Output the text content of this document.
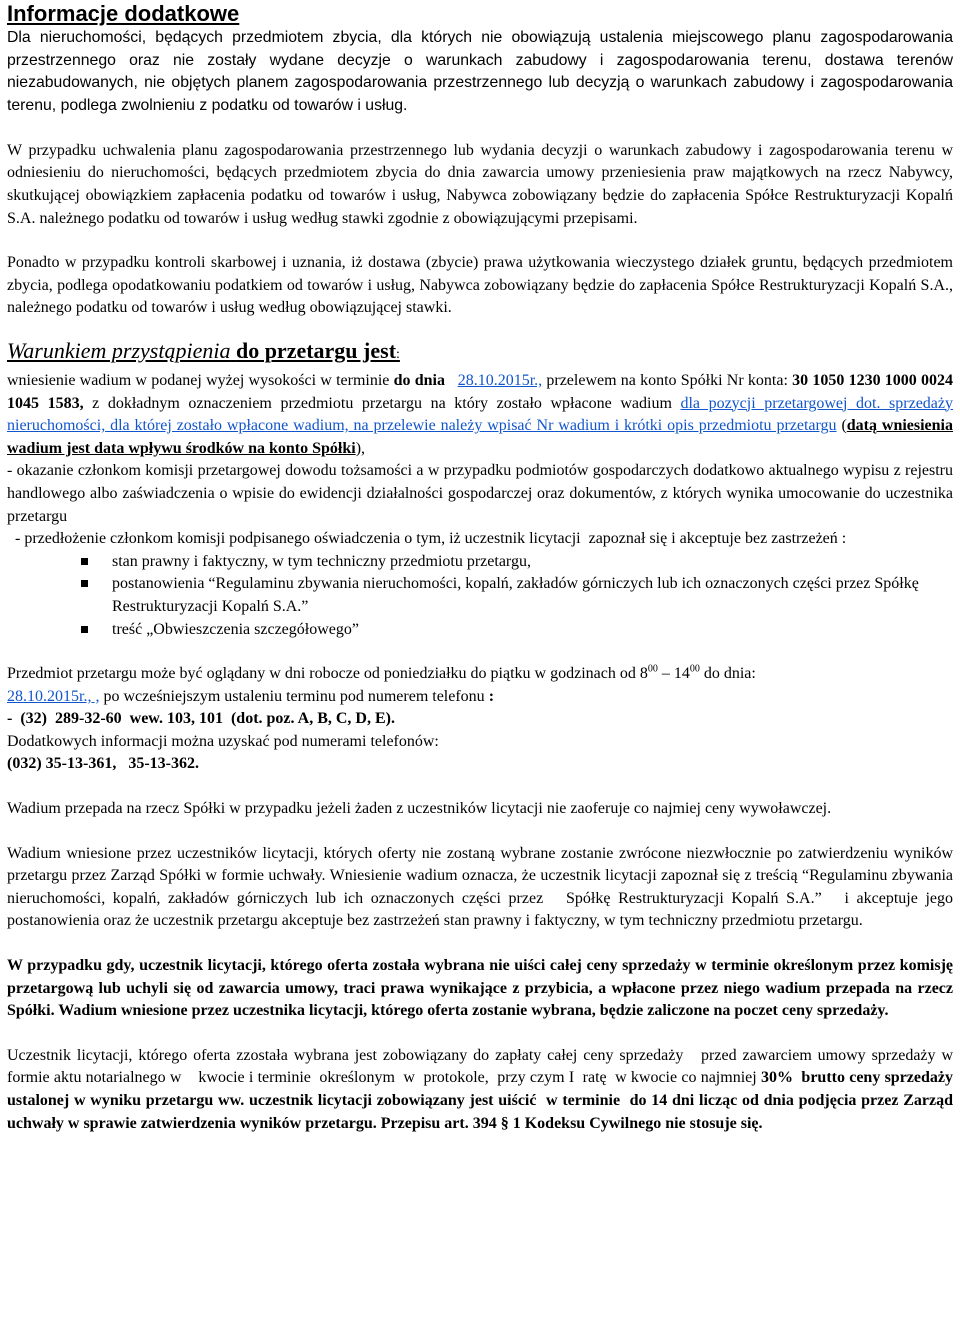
Informacje dodatkowe

Dla nieruchomości, będących przedmiotem zbycia, dla których nie obowiązują ustalenia miejscowego planu zagospodarowania przestrzennego oraz nie zostały wydane decyzje o warunkach zabudowy i zagospodarowania terenu, dostawa terenów niezabudowanych, nie objętych planem zagospodarowania przestrzennego lub decyzją o warunkach zabudowy i zagospodarowania terenu, podlega zwolnieniu z podatku od towarów i usług.

W przypadku uchwalenia planu zagospodarowania przestrzennego lub wydania decyzji o warunkach zabudowy i zagospodarowania terenu w odniesieniu do nieruchomości, będących przedmiotem zbycia do dnia zawarcia umowy przeniesienia praw majątkowych na rzecz Nabywcy, skutkującej obowiązkiem zapłacenia podatku od towarów i usług, Nabywca zobowiązany będzie do zapłacenia Spółce Restrukturyzacji Kopalń S.A. należnego podatku od towarów i usług według stawki zgodnie z obowiązującymi przepisami.

Ponadto w przypadku kontroli skarbowej i uznania, iż dostawa (zbycie) prawa użytkowania wieczystego działek gruntu, będących przedmiotem zbycia, podlega opodatkowaniu podatkiem od towarów i usług, Nabywca zobowiązany będzie do zapłacenia Spółce Restrukturyzacji Kopalń S.A., należnego podatku od towarów i usług według obowiązującej stawki.

Warunkiem przystąpienia do przetargu jest:

wniesienie wadium w podanej wyżej wysokości w terminie do dnia 28.10.2015r., przelewem na konto Spółki Nr konta: 30 1050 1230 1000 0024 1045 1583, z dokładnym oznaczeniem przedmiotu przetargu na który zostało wpłacone wadium dla pozycji przetargowej dot. sprzedaży nieruchomości, dla której zostało wpłacone wadium, na przelewie należy wpisać Nr wadium i krótki opis przedmiotu przetargu (datą wniesienia wadium jest data wpływu środków na konto Spółki),

- okazanie członkom komisji przetargowej dowodu tożsamości a w przypadku podmiotów gospodarczych dodatkowo aktualnego wypisu z rejestru handlowego albo zaświadczenia o wpisie do ewidencji działalności gospodarczej oraz dokumentów, z których wynika umocowanie do uczestnika przetargu

- przedłożenie członkom komisji podpisanego oświadczenia o tym, iż uczestnik licytacji  zapoznał się i akceptuje bez zastrzeżeń :

stan prawny i faktyczny, w tym techniczny przedmiotu przetargu,
postanowienia “Regulaminu zbywania nieruchomości, kopalń, zakładów górniczych lub ich oznaczonych części przez Spółkę Restrukturyzacji Kopalń S.A.”
treść „Obwieszczenia szczegółowego”

Przedmiot przetargu może być oglądany w dni robocze od poniedziałku do piątku w godzinach od $8^{00} - 14^{00}$ do dnia:
28.10.2015r., , po wcześniejszym ustaleniu terminu pod numerem telefonu :

-  (32)  289-32-60  wew. 103, 101  (dot. poz. A, B, C, D, E).

Dodatkowych informacji można uzyskać pod numerami telefonów:

(032) 35-13-361,   35-13-362.

Wadium przepada na rzecz Spółki w przypadku jeżeli żaden z uczestników licytacji nie zaoferuje co najmiej ceny wywoławczej.

Wadium wniesione przez uczestników licytacji, których oferty nie zostaną wybrane zostanie zwrócone niezwłocznie po zatwierdzeniu wyników przetargu przez Zarząd Spółki w formie uchwały. Wniesienie wadium oznacza, że uczestnik licytacji zapoznał się z treścią “Regulaminu zbywania nieruchomości, kopalń, zakładów górniczych lub ich oznaczonych części przez   Spółkę Restrukturyzacji Kopalń S.A.”   i akceptuje jego postanowienia oraz że uczestnik przetargu akceptuje bez zastrzeżeń stan prawny i faktyczny, w tym techniczny przedmiotu przetargu.

W przypadku gdy, uczestnik licytacji, którego oferta została wybrana nie uiści całej ceny sprzedaży w terminie określonym przez komisję przetargową lub uchyli się od zawarcia umowy, traci prawa wynikające z przybicia, a wpłacone przez niego wadium przepada na rzecz Spółki. Wadium wniesione przez uczestnika licytacji, którego oferta zostanie wybrana, będzie zaliczone na poczet ceny sprzedaży.

Uczestnik licytacji, którego oferta zzostała wybrana jest zobowiązany do zapłaty całej ceny sprzedaży   przed zawarciem umowy sprzedaży w formie aktu notarialnego w    kwocie i terminie  określonym  w  protokole,  przy czym I  ratę  w kwocie co najmniej 30%  brutto ceny sprzedaży ustalonej w wyniku przetargu ww. uczestnik licytacji zobowiązany jest uiścić  w terminie  do 14 dni licząc od dnia podjęcia przez Zarząd uchwały w sprawie zatwierdzenia wyników przetargu. Przepisu art. 394 § 1 Kodeksu Cywilnego nie stosuje się.
